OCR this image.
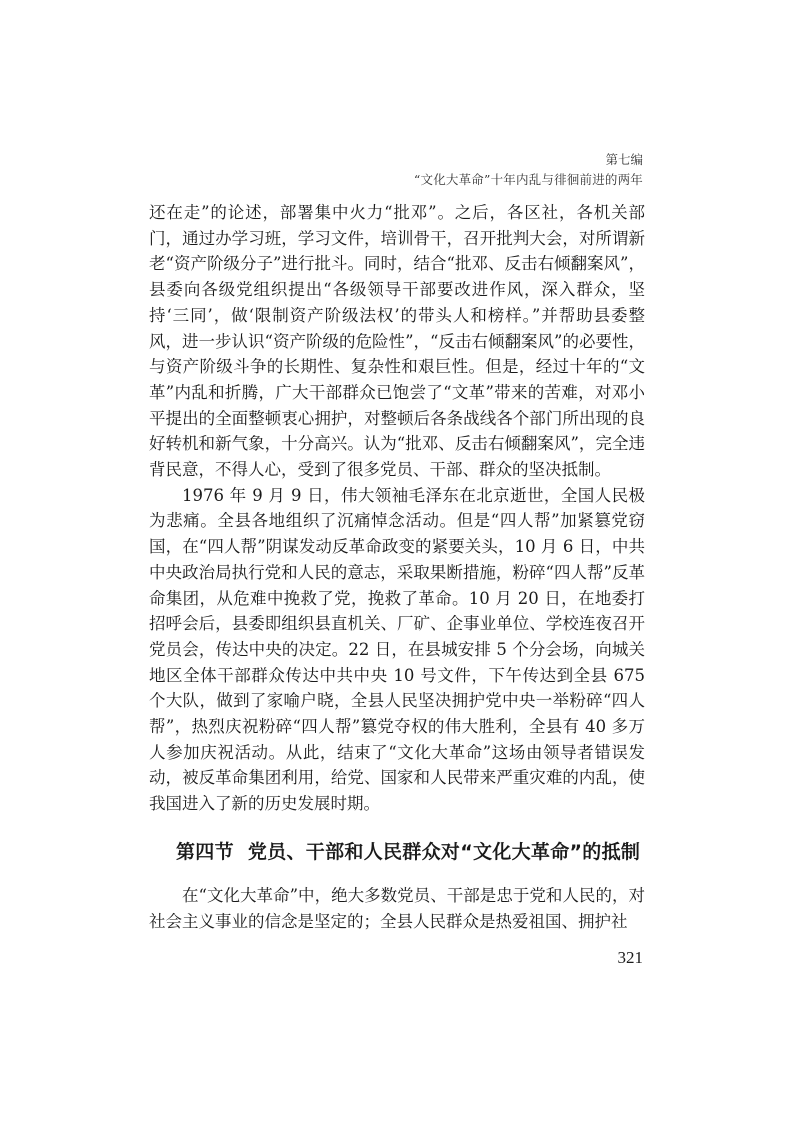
第七编
“文化大革命”十年内乱与徘徊前进的两年

还在走”的论述，部署集中火力“批邓”。之后，各区社，各机关部门，通过办学习班，学习文件，培训骨干，召开批判大会，对所谓新老“资产阶级分子”进行批斗。同时，结合“批邓、反击右倾翻案风”，县委向各级党组织提出“各级领导干部要改进作风，深入群众，坚持‘三同’，做‘限制资产阶级法权’的带头人和榜样。”并帮助县委整风，进一步认识“资产阶级的危险性”，“反击右倾翻案风”的必要性，与资产阶级斗争的长期性、复杂性和艰巨性。但是，经过十年的“文革”内乱和折腾，广大干部群众已饱尝了“文革”带来的苦难，对邓小平提出的全面整顿衷心拥护，对整顿后各条战线各个部门所出现的良好转机和新气象，十分高兴。认为“批邓、反击右倾翻案风”，完全违背民意，不得人心，受到了很多党员、干部、群众的坚决抵制。

1976 年 9 月 9 日，伟大领袖毛泽东在北京逝世，全国人民极为悲痛。全县各地组织了沉痛悼念活动。但是“四人帮”加紧篡党窃国，在“四人帮”阴谋发动反革命政变的紧要关头，10 月 6 日，中共中央政治局执行党和人民的意志，采取果断措施，粉碎“四人帮”反革命集团，从危难中挽救了党，挽救了革命。10 月 20 日，在地委打招呼会后，县委即组织县直机关、厂矿、企事业单位、学校连夜召开党员会，传达中央的决定。22 日，在县城安排 5 个分会场，向城关地区全体干部群众传达中共中央 10 号文件，下午传达到全县 675 个大队，做到了家喻户晓，全县人民坚决拥护党中央一举粉碎“四人帮”，热烈庆祝粉碎“四人帮”篡党夺权的伟大胜利，全县有 40 多万人参加庆祝活动。从此，结束了“文化大革命”这场由领导者错误发动，被反革命集团利用，给党、国家和人民带来严重灾难的内乱，使我国进入了新的历史发展时期。

第四节 党员、干部和人民群众对“文化大革命”的抵制

在“文化大革命”中，绝大多数党员、干部是忠于党和人民的，对社会主义事业的信念是坚定的；全县人民群众是热爱祖国、拥护社

321
